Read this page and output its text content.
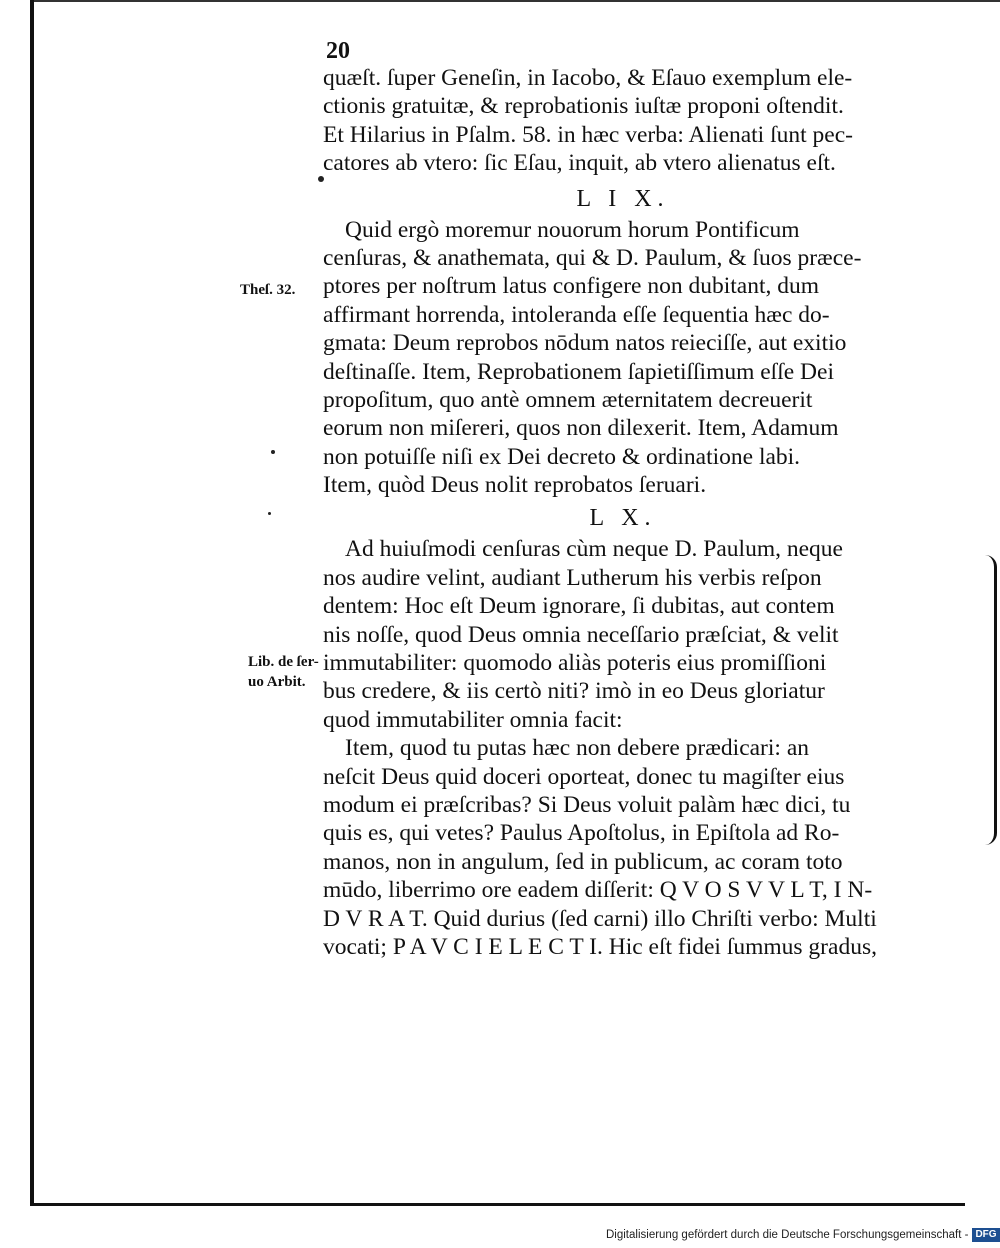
20
Theſ. 32.
Lib. de ſer-
uo Arbit.
quæſt. ſuper Geneſin, in Iacobo, & Eſauo exemplum ele-
ctionis gratuitæ, & reprobationis iuſtæ proponi oſtendit.
Et Hilarius in Pſalm. 58. in hæc verba: Alienati ſunt pec-
catores ab vtero: ſic Eſau, inquit, ab vtero alienatus eſt.
L I X.
Quid ergò moremur nouorum horum Pontificum
cenſuras, & anathemata, qui & D. Paulum, & ſuos præce-
ptores per noſtrum latus configere non dubitant, dum
affirmant horrenda, intoleranda eſſe ſequentia hæc do-
gmata: Deum reprobos nōdum natos reieciſſe, aut exitio
deſtinaſſe. Item, Reprobationem ſapietiſſimum eſſe Dei
propoſitum, quo antè omnem æternitatem decreuerit
eorum non miſereri, quos non dilexerit. Item, Adamum
non potuiſſe niſi ex Dei decreto & ordinatione labi.
Item, quòd Deus nolit reprobatos ſeruari.
L X.
Ad huiuſmodi cenſuras cùm neque D. Paulum, neque
nos audire velint, audiant Lutherum his verbis reſpon
dentem: Hoc eſt Deum ignorare, ſi dubitas, aut contem
nis noſſe, quod Deus omnia neceſſario præſciat, & velit
immutabiliter: quomodo aliàs poteris eius promiſſioni
bus credere, & iis certò niti? imò in eo Deus gloriatur
quod immutabiliter omnia facit:
Item, quod tu putas hæc non debere prædicari: an
neſcit Deus quid doceri oporteat, donec tu magiſter eius
modum ei præſcribas? Si Deus voluit palàm hæc dici, tu
quis es, qui vetes? Paulus Apoſtolus, in Epiſtola ad Ro-
manos, non in angulum, ſed in publicum, ac coram toto
mūdo, liberrimo ore eadem diſſerit: Q V O S V V L T, I N-
D V R A T. Quid durius (ſed carni) illo Chriſti verbo: Multi
vocati; P A V C I E L E C T I. Hic eſt fidei ſummus gradus,
Digitalisierung gefördert durch die Deutsche Forschungsgemeinschaft - DFG
